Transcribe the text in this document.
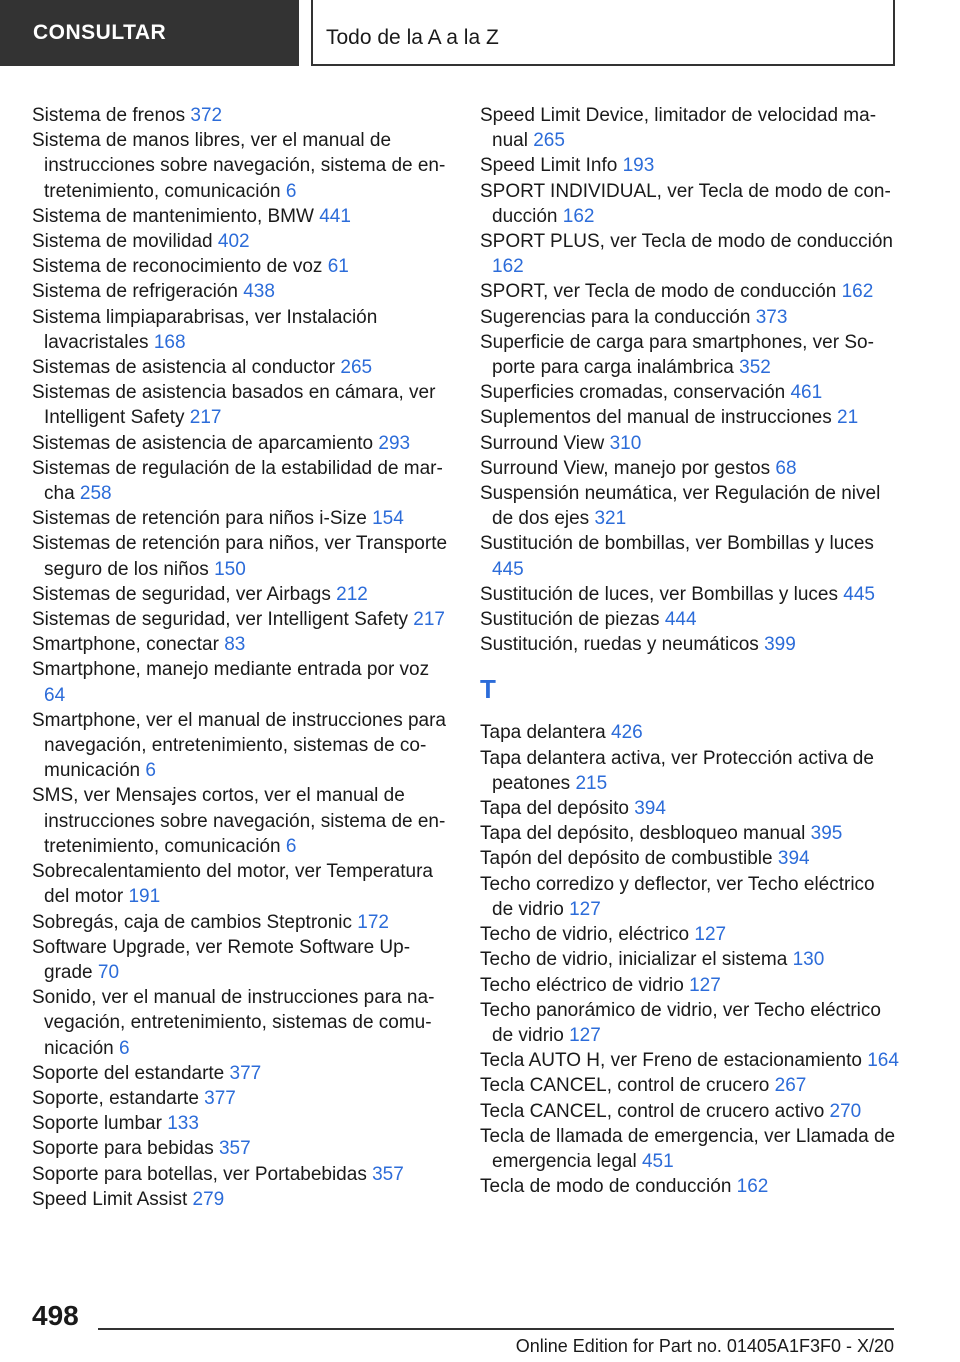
CONSULTAR	Todo de la A a la Z

Sistema de frenos 372

Sistema de manos libres, ver el manual de instrucciones sobre navegación, sistema de entretenimiento, comunicación 6

Sistema de mantenimiento, BMW 441

Sistema de movilidad 402

Sistema de reconocimiento de voz 61

Sistema de refrigeración 438

Sistema limpiaparabrisas, ver Instalación lavacristales 168

Sistemas de asistencia al conductor 265

Sistemas de asistencia basados en cámara, ver Intelligent Safety 217

Sistemas de asistencia de aparcamiento 293

Sistemas de regulación de la estabilidad de marcha 258

Sistemas de retención para niños i-Size 154

Sistemas de retención para niños, ver Transporte seguro de los niños 150

Sistemas de seguridad, ver Airbags 212

Sistemas de seguridad, ver Intelligent Safety 217

Smartphone, conectar 83

Smartphone, manejo mediante entrada por voz 64

Smartphone, ver el manual de instrucciones para navegación, entretenimiento, sistemas de comunicación 6

SMS, ver Mensajes cortos, ver el manual de instrucciones sobre navegación, sistema de entretenimiento, comunicación 6

Sobrecalentamiento del motor, ver Temperatura del motor 191

Sobregás, caja de cambios Steptronic 172

Software Upgrade, ver Remote Software Upgrade 70

Sonido, ver el manual de instrucciones para navegación, entretenimiento, sistemas de comunicación 6

Soporte del estandarte 377

Soporte, estandarte 377

Soporte lumbar 133

Soporte para bebidas 357

Soporte para botellas, ver Portabebidas 357

Speed Limit Assist 279

Speed Limit Device, limitador de velocidad manual 265

Speed Limit Info 193

SPORT INDIVIDUAL, ver Tecla de modo de conducción 162

SPORT PLUS, ver Tecla de modo de conducción 162

SPORT, ver Tecla de modo de conducción 162

Sugerencias para la conducción 373

Superficie de carga para smartphones, ver Soporte para carga inalámbrica 352

Superficies cromadas, conservación 461

Suplementos del manual de instrucciones 21

Surround View 310

Surround View, manejo por gestos 68

Suspensión neumática, ver Regulación de nivel de dos ejes 321

Sustitución de bombillas, ver Bombillas y luces 445

Sustitución de luces, ver Bombillas y luces 445

Sustitución de piezas 444

Sustitución, ruedas y neumáticos 399

T

Tapa delantera 426

Tapa delantera activa, ver Protección activa de peatones 215

Tapa del depósito 394

Tapa del depósito, desbloqueo manual 395

Tapón del depósito de combustible 394

Techo corredizo y deflector, ver Techo eléctrico de vidrio 127

Techo de vidrio, eléctrico 127

Techo de vidrio, inicializar el sistema 130

Techo eléctrico de vidrio 127

Techo panorámico de vidrio, ver Techo eléctrico de vidrio 127

Tecla AUTO H, ver Freno de estacionamiento 164

Tecla CANCEL, control de crucero 267

Tecla CANCEL, control de crucero activo 270

Tecla de llamada de emergencia, ver Llamada de emergencia legal 451

Tecla de modo de conducción 162

498
Online Edition for Part no. 01405A1F3F0 - X/20
